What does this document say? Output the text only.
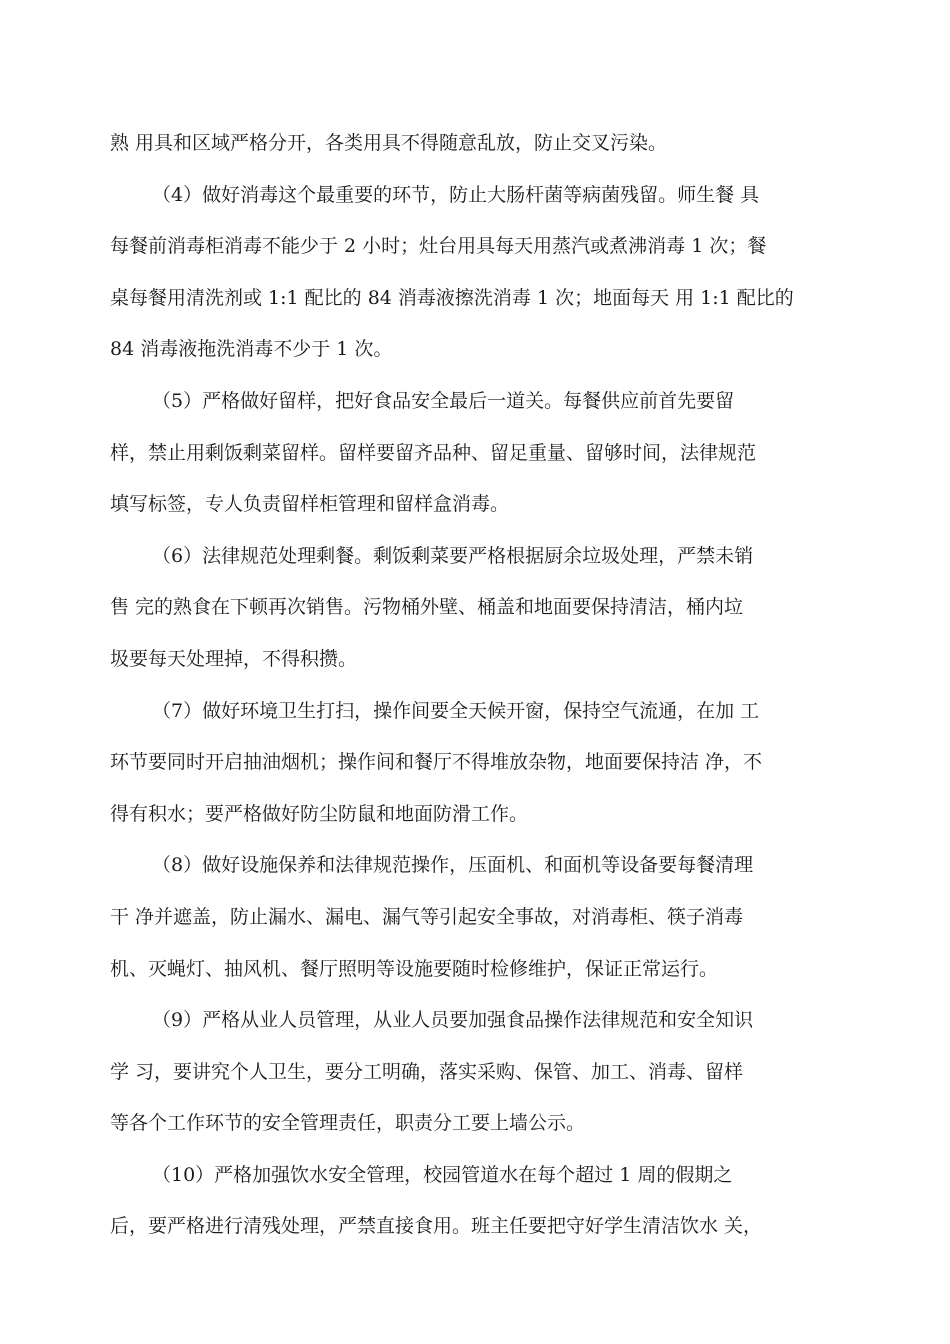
熟 用具和区域严格分开，各类用具不得随意乱放，防止交叉污染。
（4）做好消毒这个最重要的环节，防止大肠杆菌等病菌残留。师生餐 具
每餐前消毒柜消毒不能少于 2 小时；灶台用具每天用蒸汽或煮沸消毒 1 次；餐
桌每餐用清洗剂或 1:1 配比的 84 消毒液擦洗消毒 1 次；地面每天 用 1:1 配比的
84 消毒液拖洗消毒不少于 1 次。
（5）严格做好留样，把好食品安全最后一道关。每餐供应前首先要留
样，禁止用剩饭剩菜留样。留样要留齐品种、留足重量、留够时间，法律规范
填写标签，专人负责留样柜管理和留样盒消毒。
（6）法律规范处理剩餐。剩饭剩菜要严格根据厨余垃圾处理，严禁未销
售 完的熟食在下顿再次销售。污物桶外壁、桶盖和地面要保持清洁，桶内垃
圾要每天处理掉，不得积攒。
（7）做好环境卫生打扫，操作间要全天候开窗，保持空气流通，在加 工
环节要同时开启抽油烟机；操作间和餐厅不得堆放杂物，地面要保持洁 净，不
得有积水；要严格做好防尘防鼠和地面防滑工作。
（8）做好设施保养和法律规范操作，压面机、和面机等设备要每餐清理
干 净并遮盖，防止漏水、漏电、漏气等引起安全事故，对消毒柜、筷子消毒
机、灭蝇灯、抽风机、餐厅照明等设施要随时检修维护，保证正常运行。
（9）严格从业人员管理，从业人员要加强食品操作法律规范和安全知识
学 习，要讲究个人卫生，要分工明确，落实采购、保管、加工、消毒、留样
等各个工作环节的安全管理责任，职责分工要上墙公示。
（10）严格加强饮水安全管理，校园管道水在每个超过 1 周的假期之
后，要严格进行清残处理，严禁直接食用。班主任要把守好学生清洁饮水 关，
